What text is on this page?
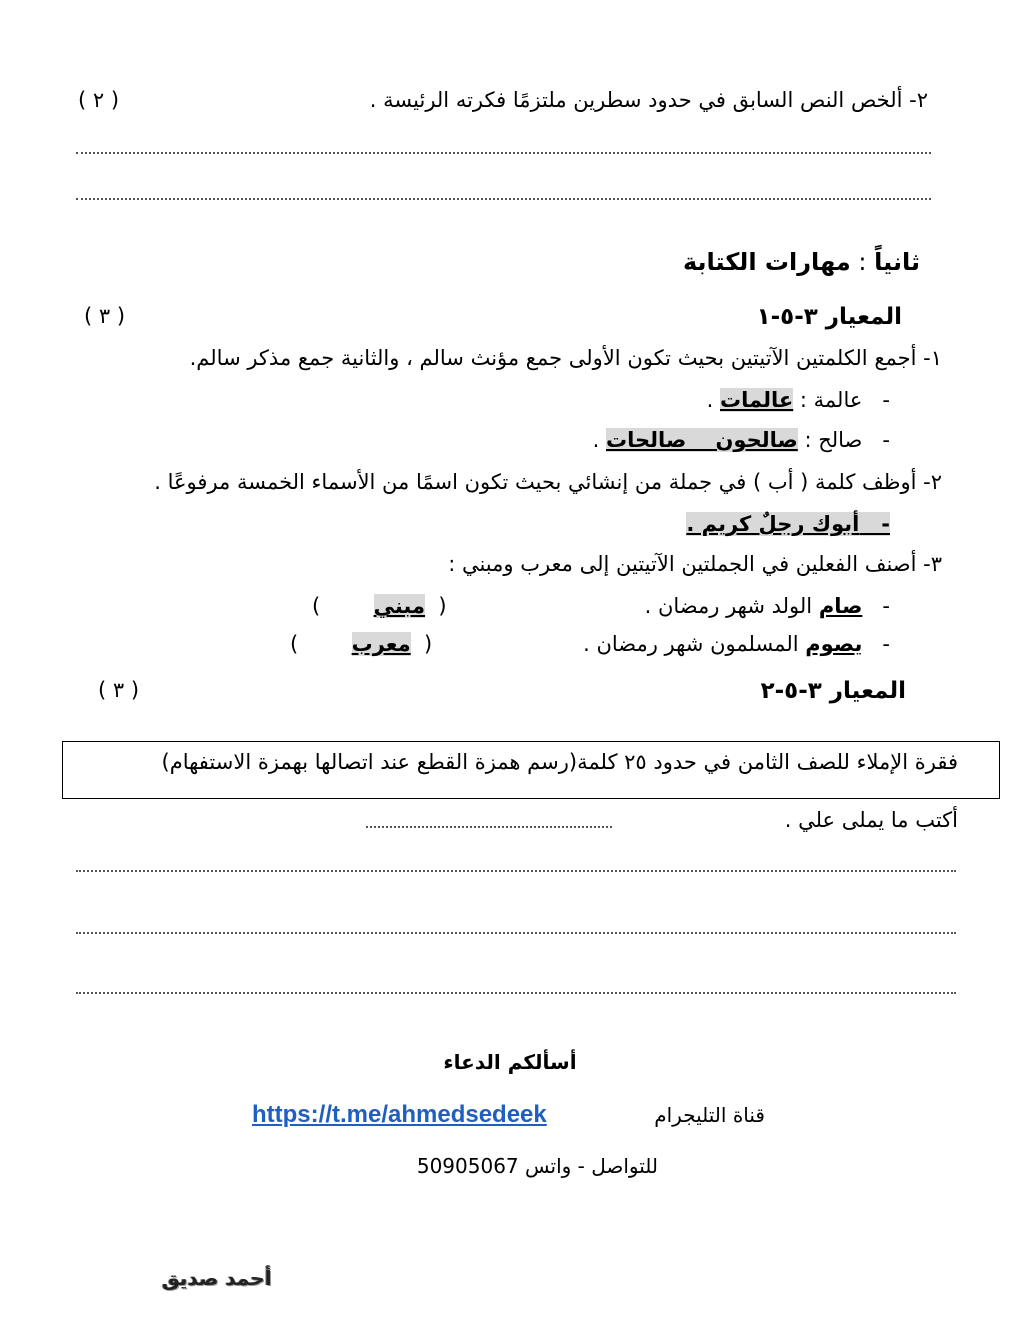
٢- ألخص النص السابق في حدود سطرين ملتزمًا فكرته الرئيسة .
( ٢ )
ثانياً : مهارات الكتابة
المعيار ٣-٥-١
( ٣ )
١- أجمع الكلمتين الآتيتين بحيث تكون الأولى جمع مؤنث سالم ، والثانية جمع مذكر سالم.
-   عالمة : عالمات .
-   صالح : صالحون    صالحات .
٢- أوظف كلمة ( أب ) في جملة من إنشائي بحيث تكون اسمًا من الأسماء الخمسة مرفوعًا .
-   أبوك رجلٌ كريم .
٣- أصنف الفعلين في الجملتين الآتيتين إلى معرب ومبني :
-   صام الولد شهر رمضان .
(  مبني        )
-   يصوم المسلمون شهر رمضان .
(  معرب        )
المعيار ٣-٥-٢
( ٣ )
فقرة الإملاء للصف الثامن في حدود ٢٥ كلمة(رسم همزة القطع عند اتصالها بهمزة الاستفهام)
أكتب ما يملى علي .
أسألكم الدعاء
قناة التليجرام
https://t.me/ahmedsedeek
للتواصل - واتس 50905067
أحمد صديق
